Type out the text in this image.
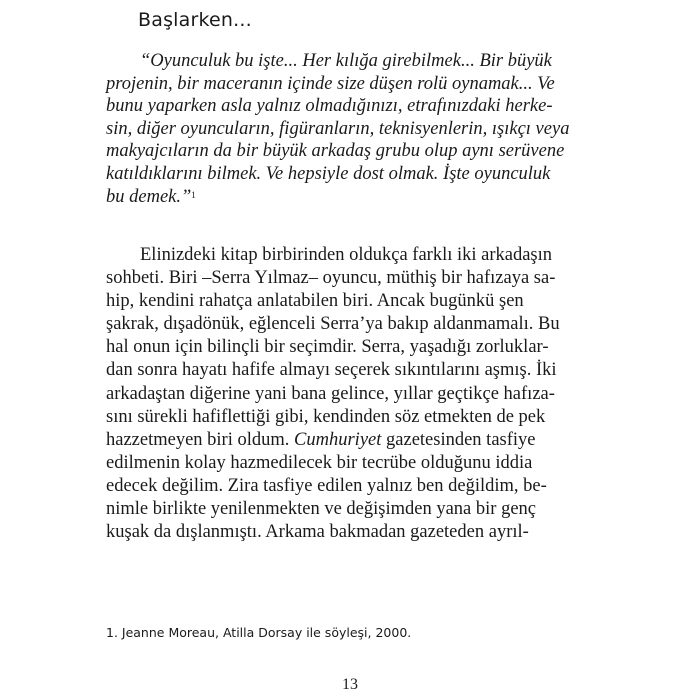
Başlarken...

“Oyunculuk bu işte... Her kılığa girebilmek... Bir büyük
projenin, bir maceranın içinde size düşen rolü oynamak... Ve
bunu yaparken asla yalnız olmadığınızı, etrafınızdaki herke-
sin, diğer oyuncuların, figüranların, teknisyenlerin, ışıkçı veya
makyajcıların da bir büyük arkadaş grubu olup aynı serüvene
katıldıklarını bilmek. Ve hepsiyle dost olmak. İşte oyunculuk
bu demek.”$^1$

Elinizdeki kitap birbirinden oldukça farklı iki arkadaşın
sohbeti. Biri –Serra Yılmaz– oyuncu, müthiş bir hafızaya sa-
hip, kendini rahatça anlatabilen biri. Ancak bugünkü şen
şakrak, dışadönük, eğlenceli Serra’ya bakıp aldanmamalı. Bu
hal onun için bilinçli bir seçimdir. Serra, yaşadığı zorluklar-
dan sonra hayatı hafife almayı seçerek sıkıntılarını aşmış. İki
arkadaştan diğerine yani bana gelince, yıllar geçtikçe hafıza-
sını sürekli hafiflettiği gibi, kendinden söz etmekten de pek
hazzetmeyen biri oldum. Cumhuriyet gazetesinden tasfiye
edilmenin kolay hazmedilecek bir tecrübe olduğunu iddia
edecek değilim. Zira tasfiye edilen yalnız ben değildim, be-
nimle birlikte yenilenmekten ve değişimden yana bir genç
kuşak da dışlanmıştı. Arkama bakmadan gazeteden ayrıl-

1. Jeanne Moreau, Atilla Dorsay ile söyleşi, 2000.

13
